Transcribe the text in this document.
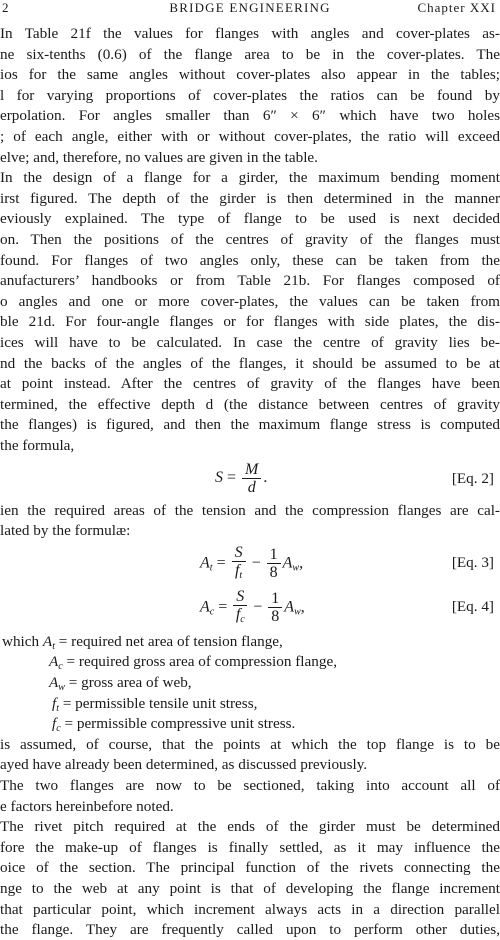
2	BRIDGE ENGINEERING	Chapter XXI
In Table 21f the values for flanges with angles and cover-plates as-
ne six-tenths (0.6) of the flange area to be in the cover-plates. The
ios for the same angles without cover-plates also appear in the tables;
l for varying proportions of cover-plates the ratios can be found by
erpolation. For angles smaller than 6″ × 6″ which have two holes
; of each angle, either with or without cover-plates, the ratio will exceed
elve; and, therefore, no values are given in the table.
In the design of a flange for a girder, the maximum bending moment
irst figured. The depth of the girder is then determined in the manner
eviously explained. The type of flange to be used is next decided
on. Then the positions of the centres of gravity of the flanges must
found. For flanges of two angles only, these can be taken from the
anufacturers’ handbooks or from Table 21b. For flanges composed of
o angles and one or more cover-plates, the values can be taken from
ble 21d. For four-angle flanges or for flanges with side plates, the dis-
ices will have to be calculated. In case the centre of gravity lies be-
nd the backs of the angles of the flanges, it should be assumed to be at
at point instead. After the centres of gravity of the flanges have been
termined, the effective depth d (the distance between centres of gravity
the flanges) is figured, and then the maximum flange stress is computed
the formula,
$S = \frac{M}{d}$ .	[Eq. 2]
ien the required areas of the tension and the compression flanges are cal-
lated by the formulæ:
$A_t = \frac{S}{f_t} - \frac{1}{8} A_w$,	[Eq. 3]
$A_c = \frac{S}{f_c} - \frac{1}{8} A_w$,	[Eq. 4]
which $A_t$ = required net area of tension flange,
$A_c$ = required gross area of compression flange,
$A_w$ = gross area of web,
$f_t$ = permissible tensile unit stress,
$f_c$ = permissible compressive unit stress.
is assumed, of course, that the points at which the top flange is to be
ayed have already been determined, as discussed previously.
The two flanges are now to be sectioned, taking into account all of
e factors hereinbefore noted.
The rivet pitch required at the ends of the girder must be determined
fore the make-up of flanges is finally settled, as it may influence the
oice of the section. The principal function of the rivets connecting the
nge to the web at any point is that of developing the flange increment
that particular point, which increment always acts in a direction parallel
the flange. They are frequently called upon to perform other duties,
